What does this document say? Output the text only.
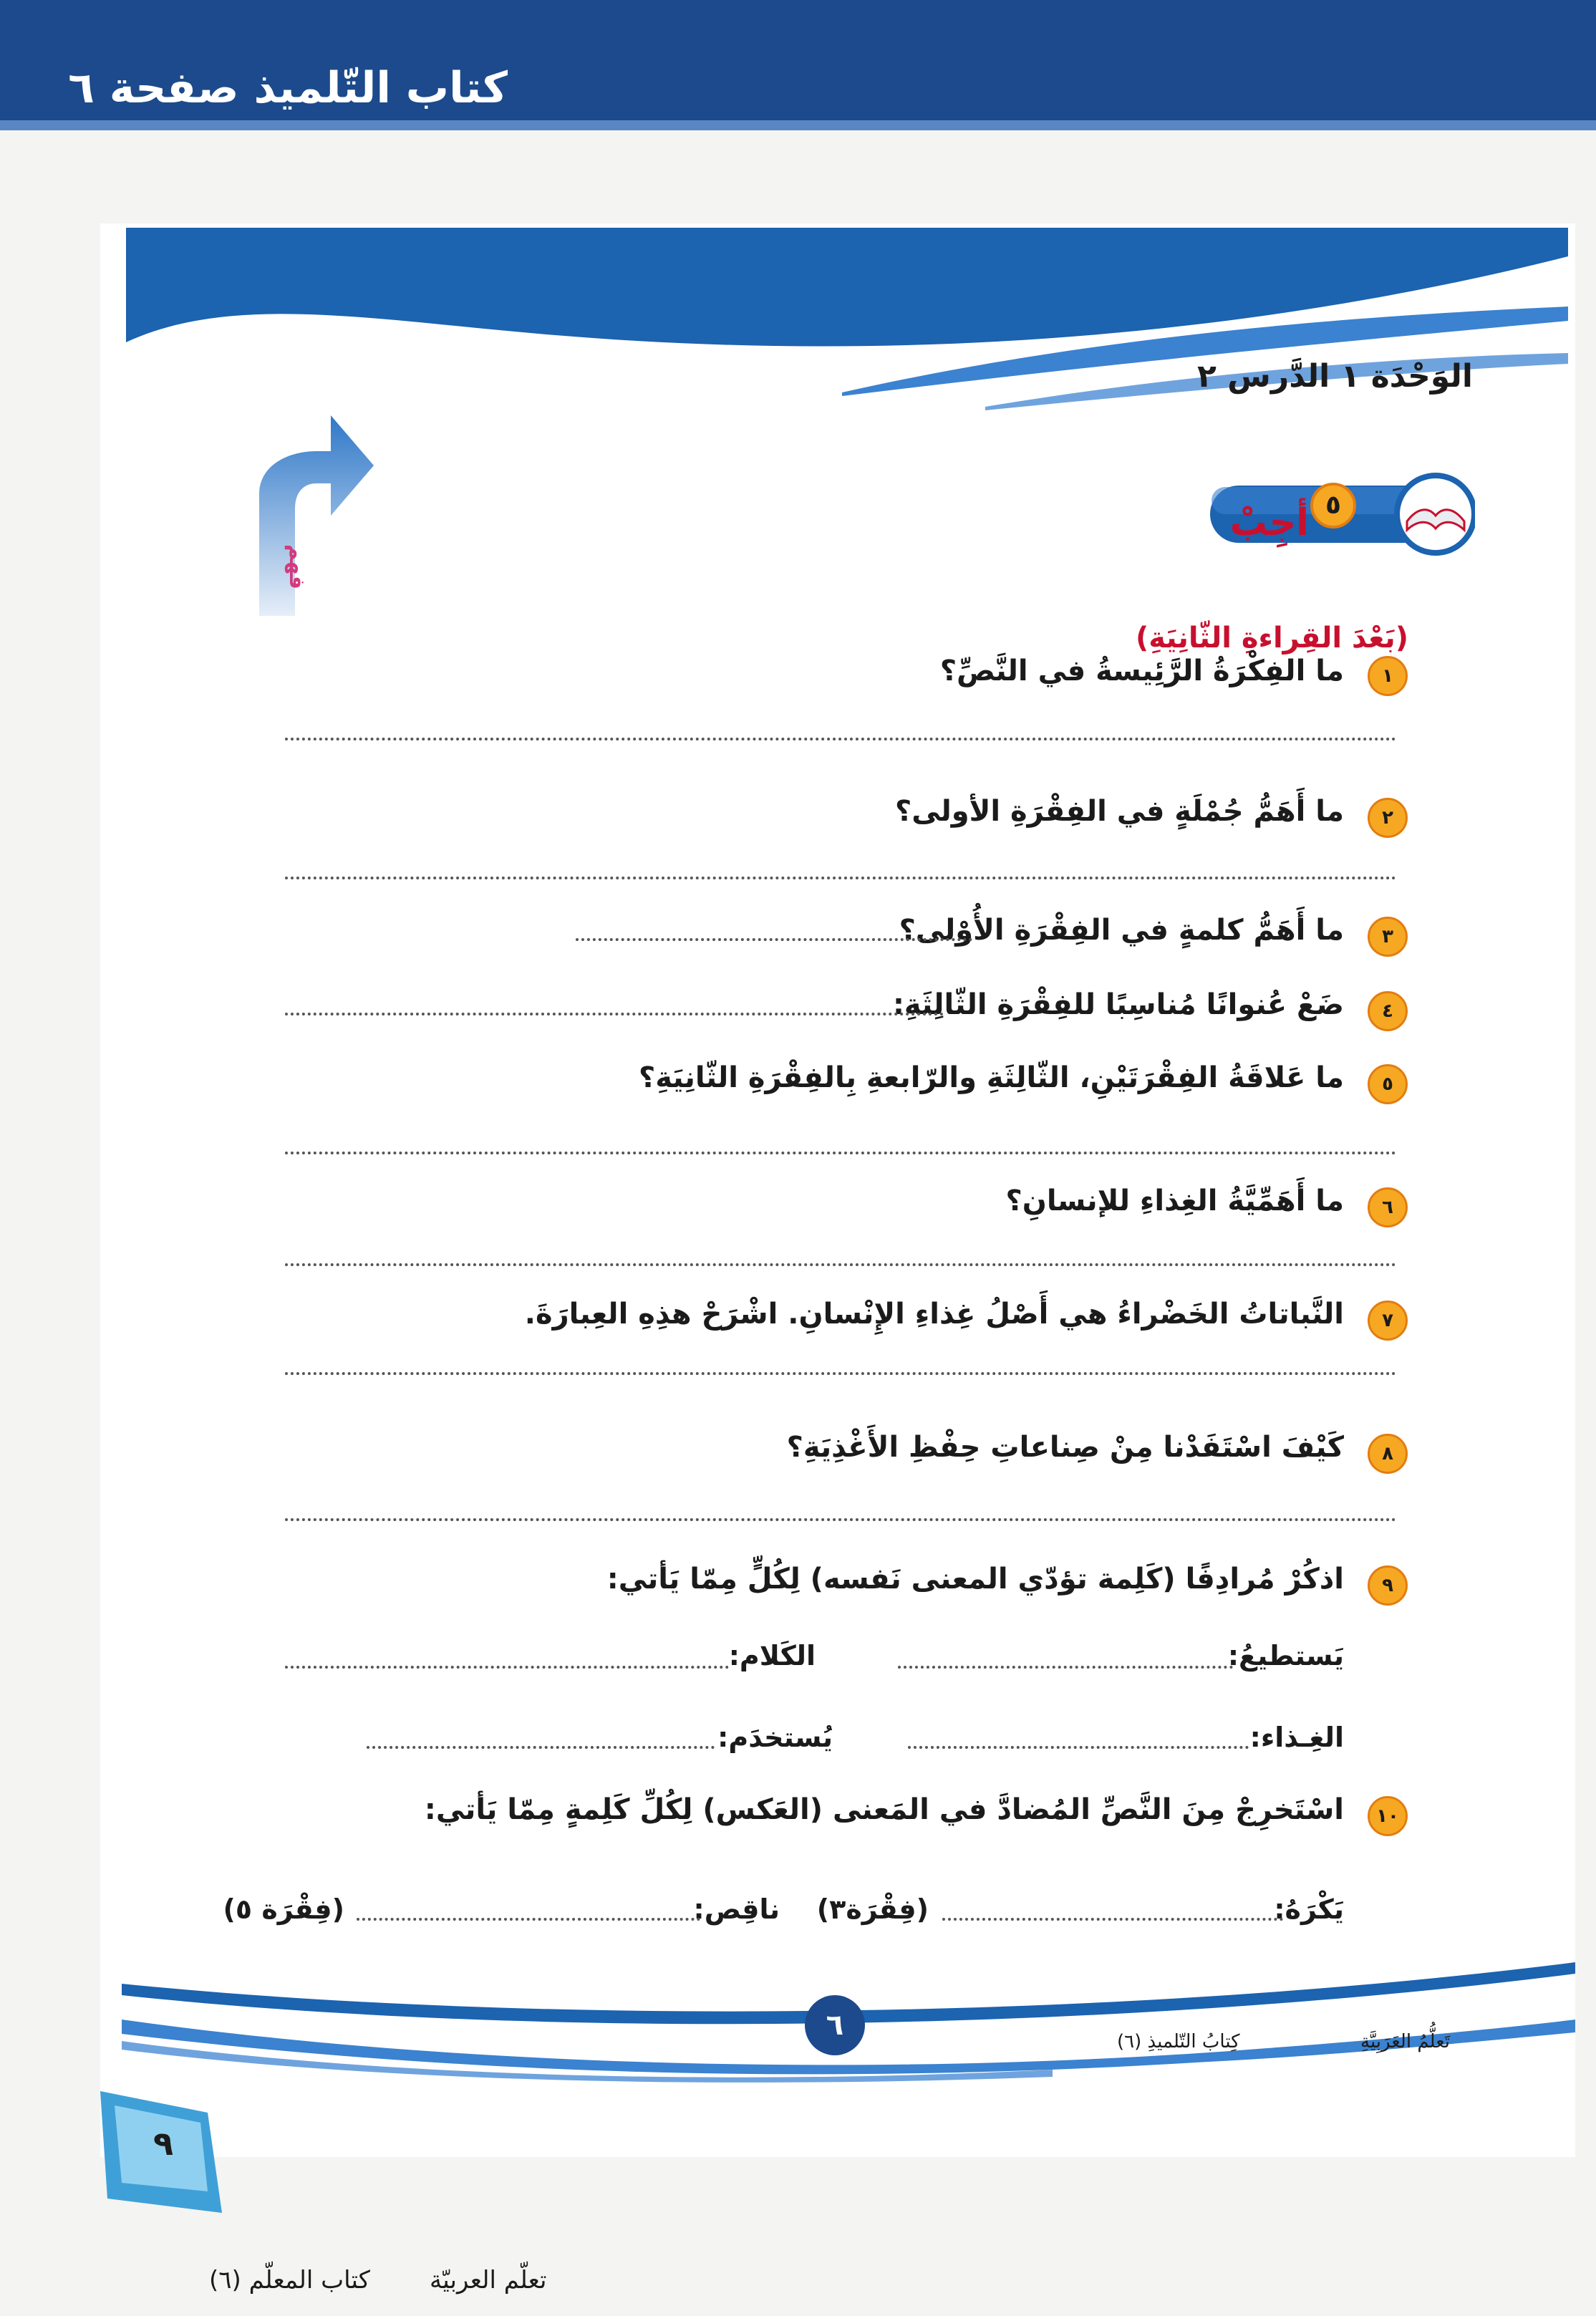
كتاب التّلميذ صفحة ٦
الوَحْدَة ١ الدَّرس ٢
فهم
٥
أجِبْ
(بَعْدَ القِراءةِ الثّانِيَةِ)
١
ما الفِكْرَةُ الرَّئِيسةُ في النَّصِّ؟
٢
ما أَهَمُّ جُمْلَةٍ في الفِقْرَةِ الأولى؟
٣
ما أَهَمُّ كلمةٍ في الفِقْرَةِ الأُوْلى؟
٤
ضَعْ عُنوانًا مُناسِبًا للفِقْرَةِ الثّالِثَةِ:
٥
ما عَلاقَةُ الفِقْرَتَيْنِ، الثّالِثَةِ والرّابعةِ بِالفِقْرَةِ الثّانِيَةِ؟
٦
ما أَهَمِّيَّةُ الغِذاءِ للإنسانِ؟
٧
النَّباتاتُ الخَضْراءُ هي أَصْلُ غِذاءِ الإِنْسانِ. اشْرَحْ هذِهِ العِبارَةَ.
٨
كَيْفَ اسْتَفَدْنا مِنْ صِناعاتِ حِفْظِ الأَغْذِيَةِ؟
٩
اذكُرْ مُرادِفًا (كَلِمة تؤدّي المعنى نَفسه) لِكُلٍّ مِمّا يَأتي:
يَستطيعُ:
الكَلام:
الغِـذاء:
يُستخدَم:
١٠
اسْتَخرِجْ مِنَ النَّصِّ المُضادَّ في المَعنى (العَكس) لِكُلِّ كَلِمةٍ مِمّا يَأتي:
يَكْرَهُ:
(فِقْرَة٣)
ناقِص:
(فِقْرَة ٥)
٦	تَعلُّمُ العَرَبِيَّةِ
كِتابُ التّلميذِ (٦)
٩
تعلّم العربيّة
كتاب المعلّم (٦)
